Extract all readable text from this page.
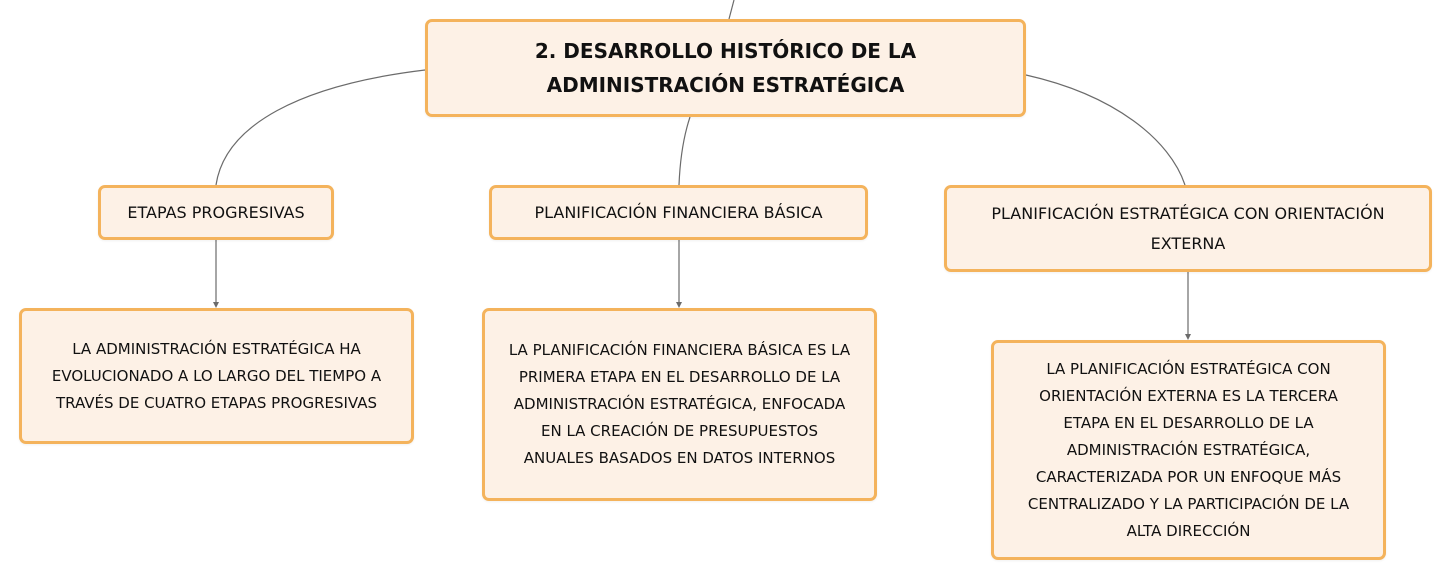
2. DESARROLLO HISTÓRICO DE LA
ADMINISTRACIÓN ESTRATÉGICA
ETAPAS PROGRESIVAS	PLANIFICACIÓN FINANCIERA BÁSICA	PLANIFICACIÓN ESTRATÉGICA CON ORIENTACIÓN
EXTERNA
LA ADMINISTRACIÓN ESTRATÉGICA HA
EVOLUCIONADO A LO LARGO DEL TIEMPO A
TRAVÉS DE CUATRO ETAPAS PROGRESIVAS
LA PLANIFICACIÓN FINANCIERA BÁSICA ES LA
PRIMERA ETAPA EN EL DESARROLLO DE LA
ADMINISTRACIÓN ESTRATÉGICA, ENFOCADA
EN LA CREACIÓN DE PRESUPUESTOS
ANUALES BASADOS EN DATOS INTERNOS
LA PLANIFICACIÓN ESTRATÉGICA CON
ORIENTACIÓN EXTERNA ES LA TERCERA
ETAPA EN EL DESARROLLO DE LA
ADMINISTRACIÓN ESTRATÉGICA,
CARACTERIZADA POR UN ENFOQUE MÁS
CENTRALIZADO Y LA PARTICIPACIÓN DE LA
ALTA DIRECCIÓN
